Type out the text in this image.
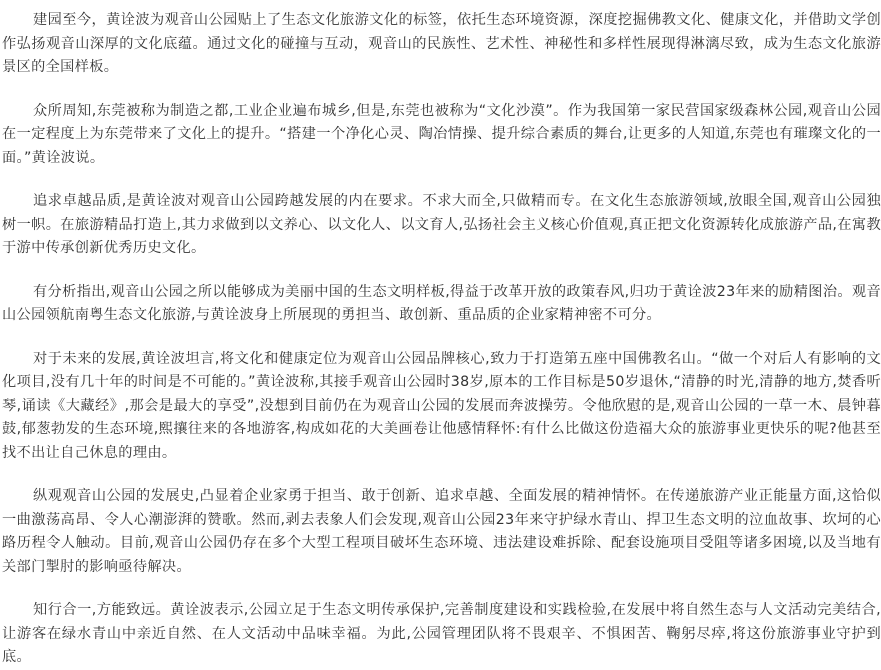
建园至今，黄诠波为观音山公园贴上了生态文化旅游文化的标签，依托生态环境资源，深度挖掘佛教文化、健康文化，并借助文学创作弘扬观音山深厚的文化底蕴。通过文化的碰撞与互动，观音山的民族性、艺术性、神秘性和多样性展现得淋漓尽致，成为生态文化旅游景区的全国样板。

众所周知,东莞被称为制造之都,工业企业遍布城乡,但是,东莞也被称为“文化沙漠”。作为我国第一家民营国家级森林公园,观音山公园在一定程度上为东莞带来了文化上的提升。“搭建一个净化心灵、陶冶情操、提升综合素质的舞台,让更多的人知道,东莞也有璀璨文化的一面。”黄诠波说。

追求卓越品质,是黄诠波对观音山公园跨越发展的内在要求。不求大而全,只做精而专。在文化生态旅游领域,放眼全国,观音山公园独树一帜。在旅游精品打造上,其力求做到以文养心、以文化人、以文育人,弘扬社会主义核心价值观,真正把文化资源转化成旅游产品,在寓教于游中传承创新优秀历史文化。

有分析指出,观音山公园之所以能够成为美丽中国的生态文明样板,得益于改革开放的政策春风,归功于黄诠波23年来的励精图治。观音山公园领航南粤生态文化旅游,与黄诠波身上所展现的勇担当、敢创新、重品质的企业家精神密不可分。

对于未来的发展,黄诠波坦言,将文化和健康定位为观音山公园品牌核心,致力于打造第五座中国佛教名山。“做一个对后人有影响的文化项目,没有几十年的时间是不可能的。”黄诠波称,其接手观音山公园时38岁,原本的工作目标是50岁退休,“清静的时光,清静的地方,焚香听琴,诵读《大藏经》,那会是最大的享受”,没想到目前仍在为观音山公园的发展而奔波操劳。令他欣慰的是,观音山公园的一草一木、晨钟暮鼓,郁葱勃发的生态环境,熙攘往来的各地游客,构成如花的大美画卷让他感情释怀:有什么比做这份造福大众的旅游事业更快乐的呢?他甚至找不出让自己休息的理由。

纵观观音山公园的发展史,凸显着企业家勇于担当、敢于创新、追求卓越、全面发展的精神情怀。在传递旅游产业正能量方面,这恰似一曲激荡高昂、令人心潮澎湃的赞歌。然而,剥去表象人们会发现,观音山公园23年来守护绿水青山、捍卫生态文明的泣血故事、坎坷的心路历程令人触动。目前,观音山公园仍存在多个大型工程项目破坏生态环境、违法建设难拆除、配套设施项目受阻等诸多困境,以及当地有关部门掣肘的影响亟待解决。

知行合一,方能致远。黄诠波表示,公园立足于生态文明传承保护,完善制度建设和实践检验,在发展中将自然生态与人文活动完美结合,让游客在绿水青山中亲近自然、在人文活动中品味幸福。为此,公园管理团队将不畏艰辛、不惧困苦、鞠躬尽瘁,将这份旅游事业守护到底。
